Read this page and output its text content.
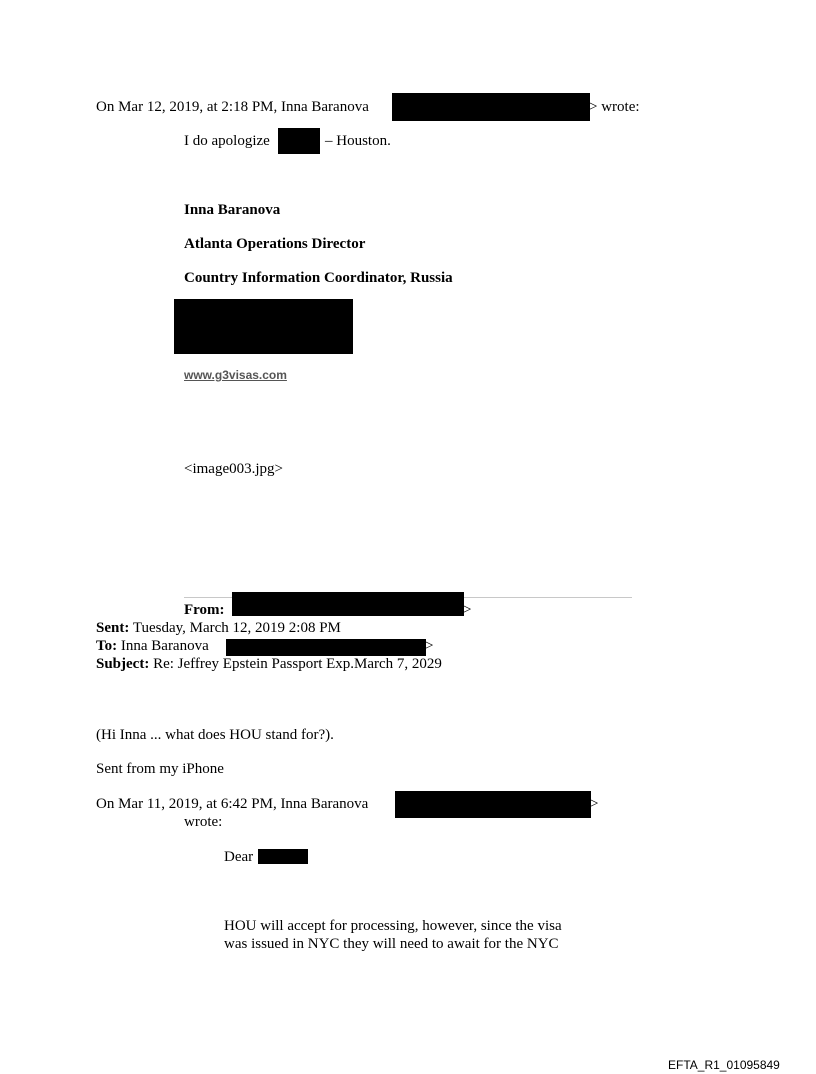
On Mar 12, 2019, at 2:18 PM, Inna Baranova	> wrote:
I do apologize	– Houston.
Inna Baranova
Atlanta Operations Director
Country Information Coordinator, Russia
www.g3visas.com
<image003.jpg>
From:	>
Sent: Tuesday, March 12, 2019 2:08 PM
To: Inna Baranova	>
Subject: Re: Jeffrey Epstein Passport Exp.March 7, 2029
(Hi Inna ... what does HOU stand for?).
Sent from my iPhone
On Mar 11, 2019, at 6:42 PM, Inna Baranova	>
wrote:
Dear
HOU will accept for processing, however, since the visa
was issued in NYC they will need to await for the NYC
EFTA_R1_01095849
